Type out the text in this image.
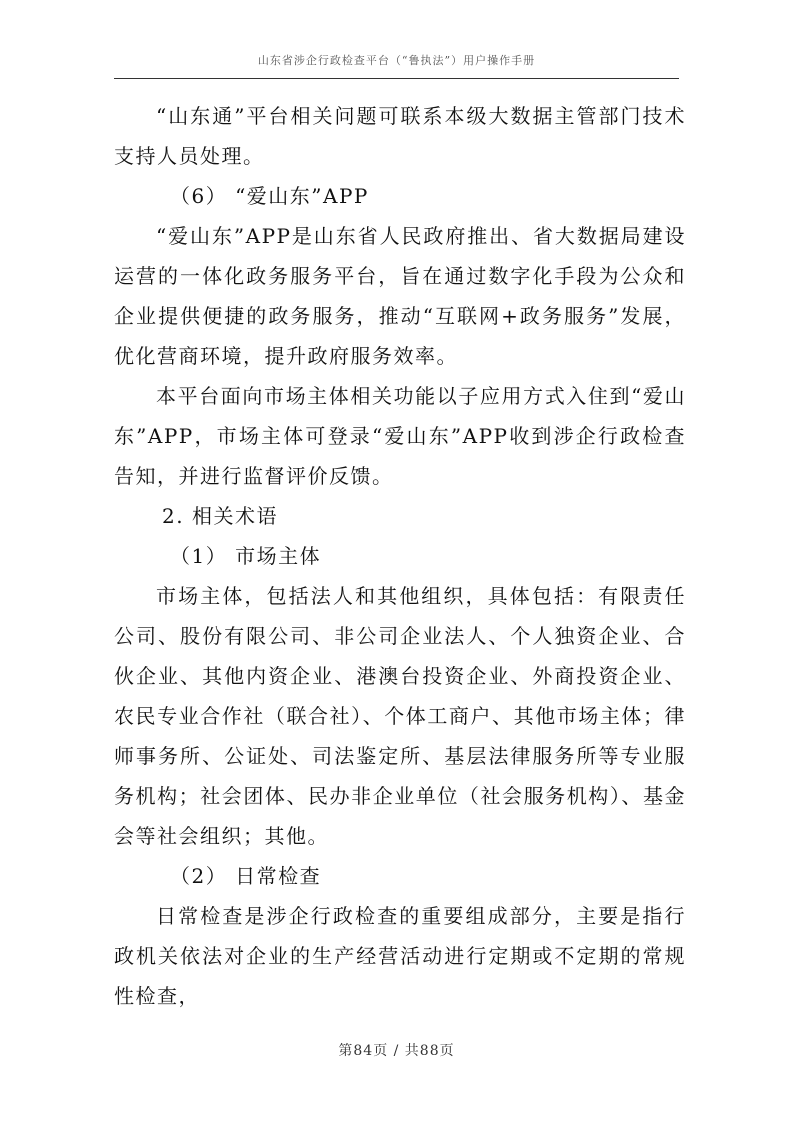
山东省涉企行政检查平台（“鲁执法”）用户操作手册

“山东通”平台相关问题可联系本级大数据主管部门技术支持人员处理。

（6） “爱山东”APP

“爱山东”APP是山东省人民政府推出、省大数据局建设运营的一体化政务服务平台，旨在通过数字化手段为公众和企业提供便捷的政务服务，推动“互联网+政务服务”发展，优化营商环境，提升政府服务效率。

本平台面向市场主体相关功能以子应用方式入住到“爱山东”APP，市场主体可登录“爱山东”APP收到涉企行政检查告知，并进行监督评价反馈。

2. 相关术语

（1） 市场主体

市场主体，包括法人和其他组织，具体包括：有限责任公司、股份有限公司、非公司企业法人、个人独资企业、合伙企业、其他内资企业、港澳台投资企业、外商投资企业、农民专业合作社（联合社）、个体工商户、其他市场主体；律师事务所、公证处、司法鉴定所、基层法律服务所等专业服务机构；社会团体、民办非企业单位（社会服务机构）、基金会等社会组织；其他。

（2） 日常检查

日常检查是涉企行政检查的重要组成部分，主要是指行政机关依法对企业的生产经营活动进行定期或不定期的常规性检查，

第84页 / 共88页
